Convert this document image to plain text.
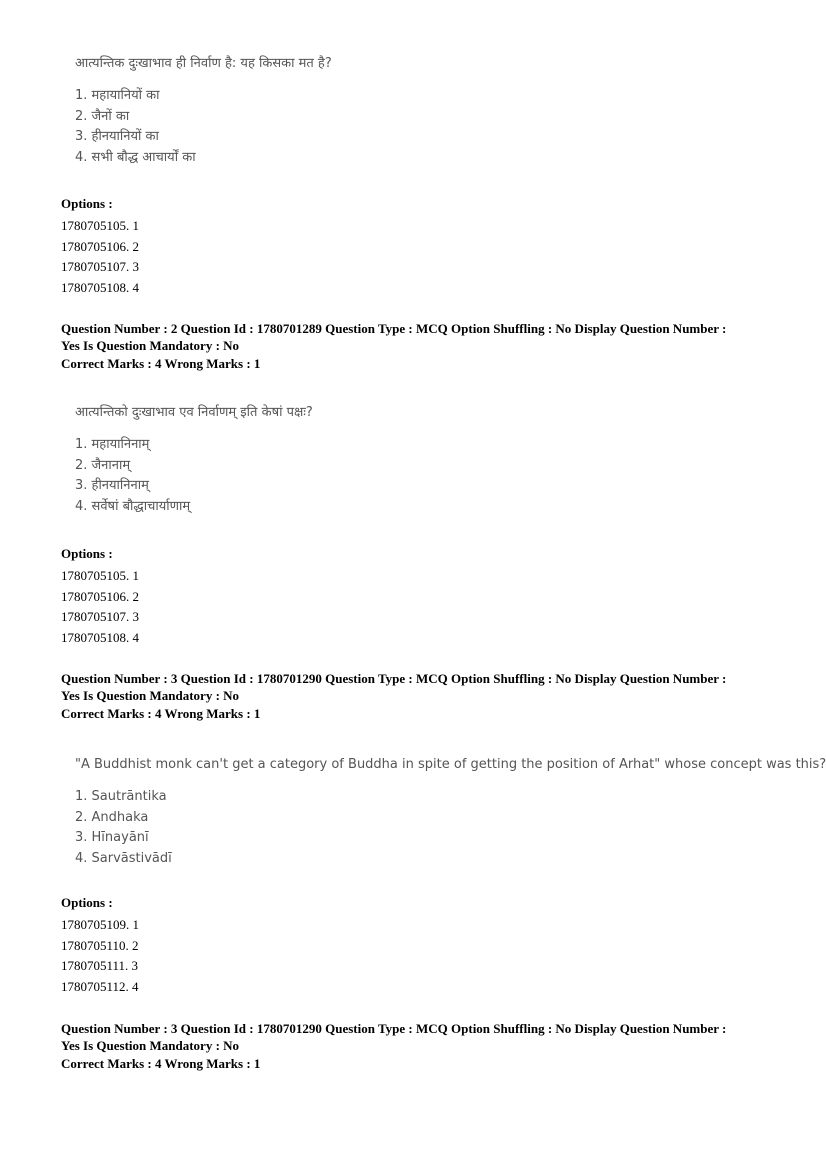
आत्यन्तिक दुःखाभाव ही निर्वाण है: यह किसका मत है?
1. महायानियों का
2. जैनों का
3. हीनयानियों का
4. सभी बौद्ध आचार्यों का
Options :
1780705105. 1
1780705106. 2
1780705107. 3
1780705108. 4
Question Number : 2 Question Id : 1780701289 Question Type : MCQ Option Shuffling : No Display Question Number :
Yes Is Question Mandatory : No
Correct Marks : 4 Wrong Marks : 1
आत्यन्तिको दुःखाभाव एव निर्वाणम् इति केषां पक्षः?
1. महायानिनाम्
2. जैनानाम्
3. हीनयानिनाम्
4. सर्वेषां बौद्धाचार्याणाम्
Options :
1780705105. 1
1780705106. 2
1780705107. 3
1780705108. 4
Question Number : 3 Question Id : 1780701290 Question Type : MCQ Option Shuffling : No Display Question Number :
Yes Is Question Mandatory : No
Correct Marks : 4 Wrong Marks : 1
"A Buddhist monk can't get a category of Buddha in spite of getting the position of Arhat" whose concept was this?
1. Sautrāntika
2. Andhaka
3. Hīnayānī
4. Sarvāstivādī
Options :
1780705109. 1
1780705110. 2
1780705111. 3
1780705112. 4
Question Number : 3 Question Id : 1780701290 Question Type : MCQ Option Shuffling : No Display Question Number :
Yes Is Question Mandatory : No
Correct Marks : 4 Wrong Marks : 1
